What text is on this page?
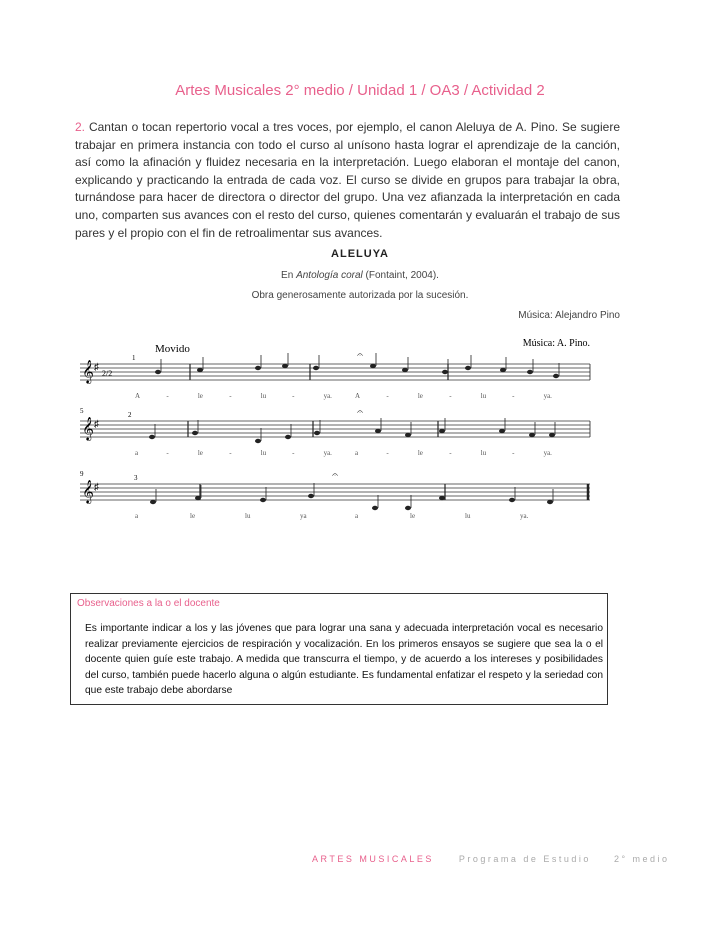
Artes Musicales 2° medio / Unidad 1 / OA3 / Actividad 2

2. Cantan o tocan repertorio vocal a tres voces, por ejemplo, el canon Aleluya de A. Pino. Se sugiere trabajar en primera instancia con todo el curso al unísono hasta lograr el aprendizaje de la canción, así como la afinación y fluidez necesaria en la interpretación. Luego elaboran el montaje del canon, explicando y practicando la entrada de cada voz. El curso se divide en grupos para trabajar la obra, turnándose para hacer de directora o director del grupo. Una vez afianzada la interpretación en cada uno, comparten sus avances con el resto del curso, quienes comentarán y evaluarán el trabajo de sus pares y el propio con el fin de retroalimentar sus avances.

ALELUYA
En Antología coral (Fontaint, 2004).
Obra generosamente autorizada por la sucesión.
Música: Alejandro Pino
Movido	Música: A. Pino.
𝄞 ♯
2/2
1	𝄐
A	-	le	-	lu	-	ya.	A	-	le	-	lu	-	ya.
𝄞 ♯
5	2	𝄐
a	-	le	-	lu	-	ya.	a	-	le	-	lu	-	ya.
𝄞 ♯
9	3	𝄐
a	le	lu	ya	a	le	lu	ya.
Observaciones a la o el docente

Es importante indicar a los y las jóvenes que para lograr una sana y adecuada interpretación vocal es necesario realizar previamente ejercicios de respiración y vocalización. En los primeros ensayos se sugiere que sea la o el docente quien guíe este trabajo. A medida que transcurra el tiempo, y de acuerdo a los intereses y posibilidades del curso, también puede hacerlo alguna o algún estudiante. Es fundamental enfatizar el respeto y la seriedad con que este trabajo debe abordarse

ARTES MUSICALES	Programa de Estudio	2° medio
